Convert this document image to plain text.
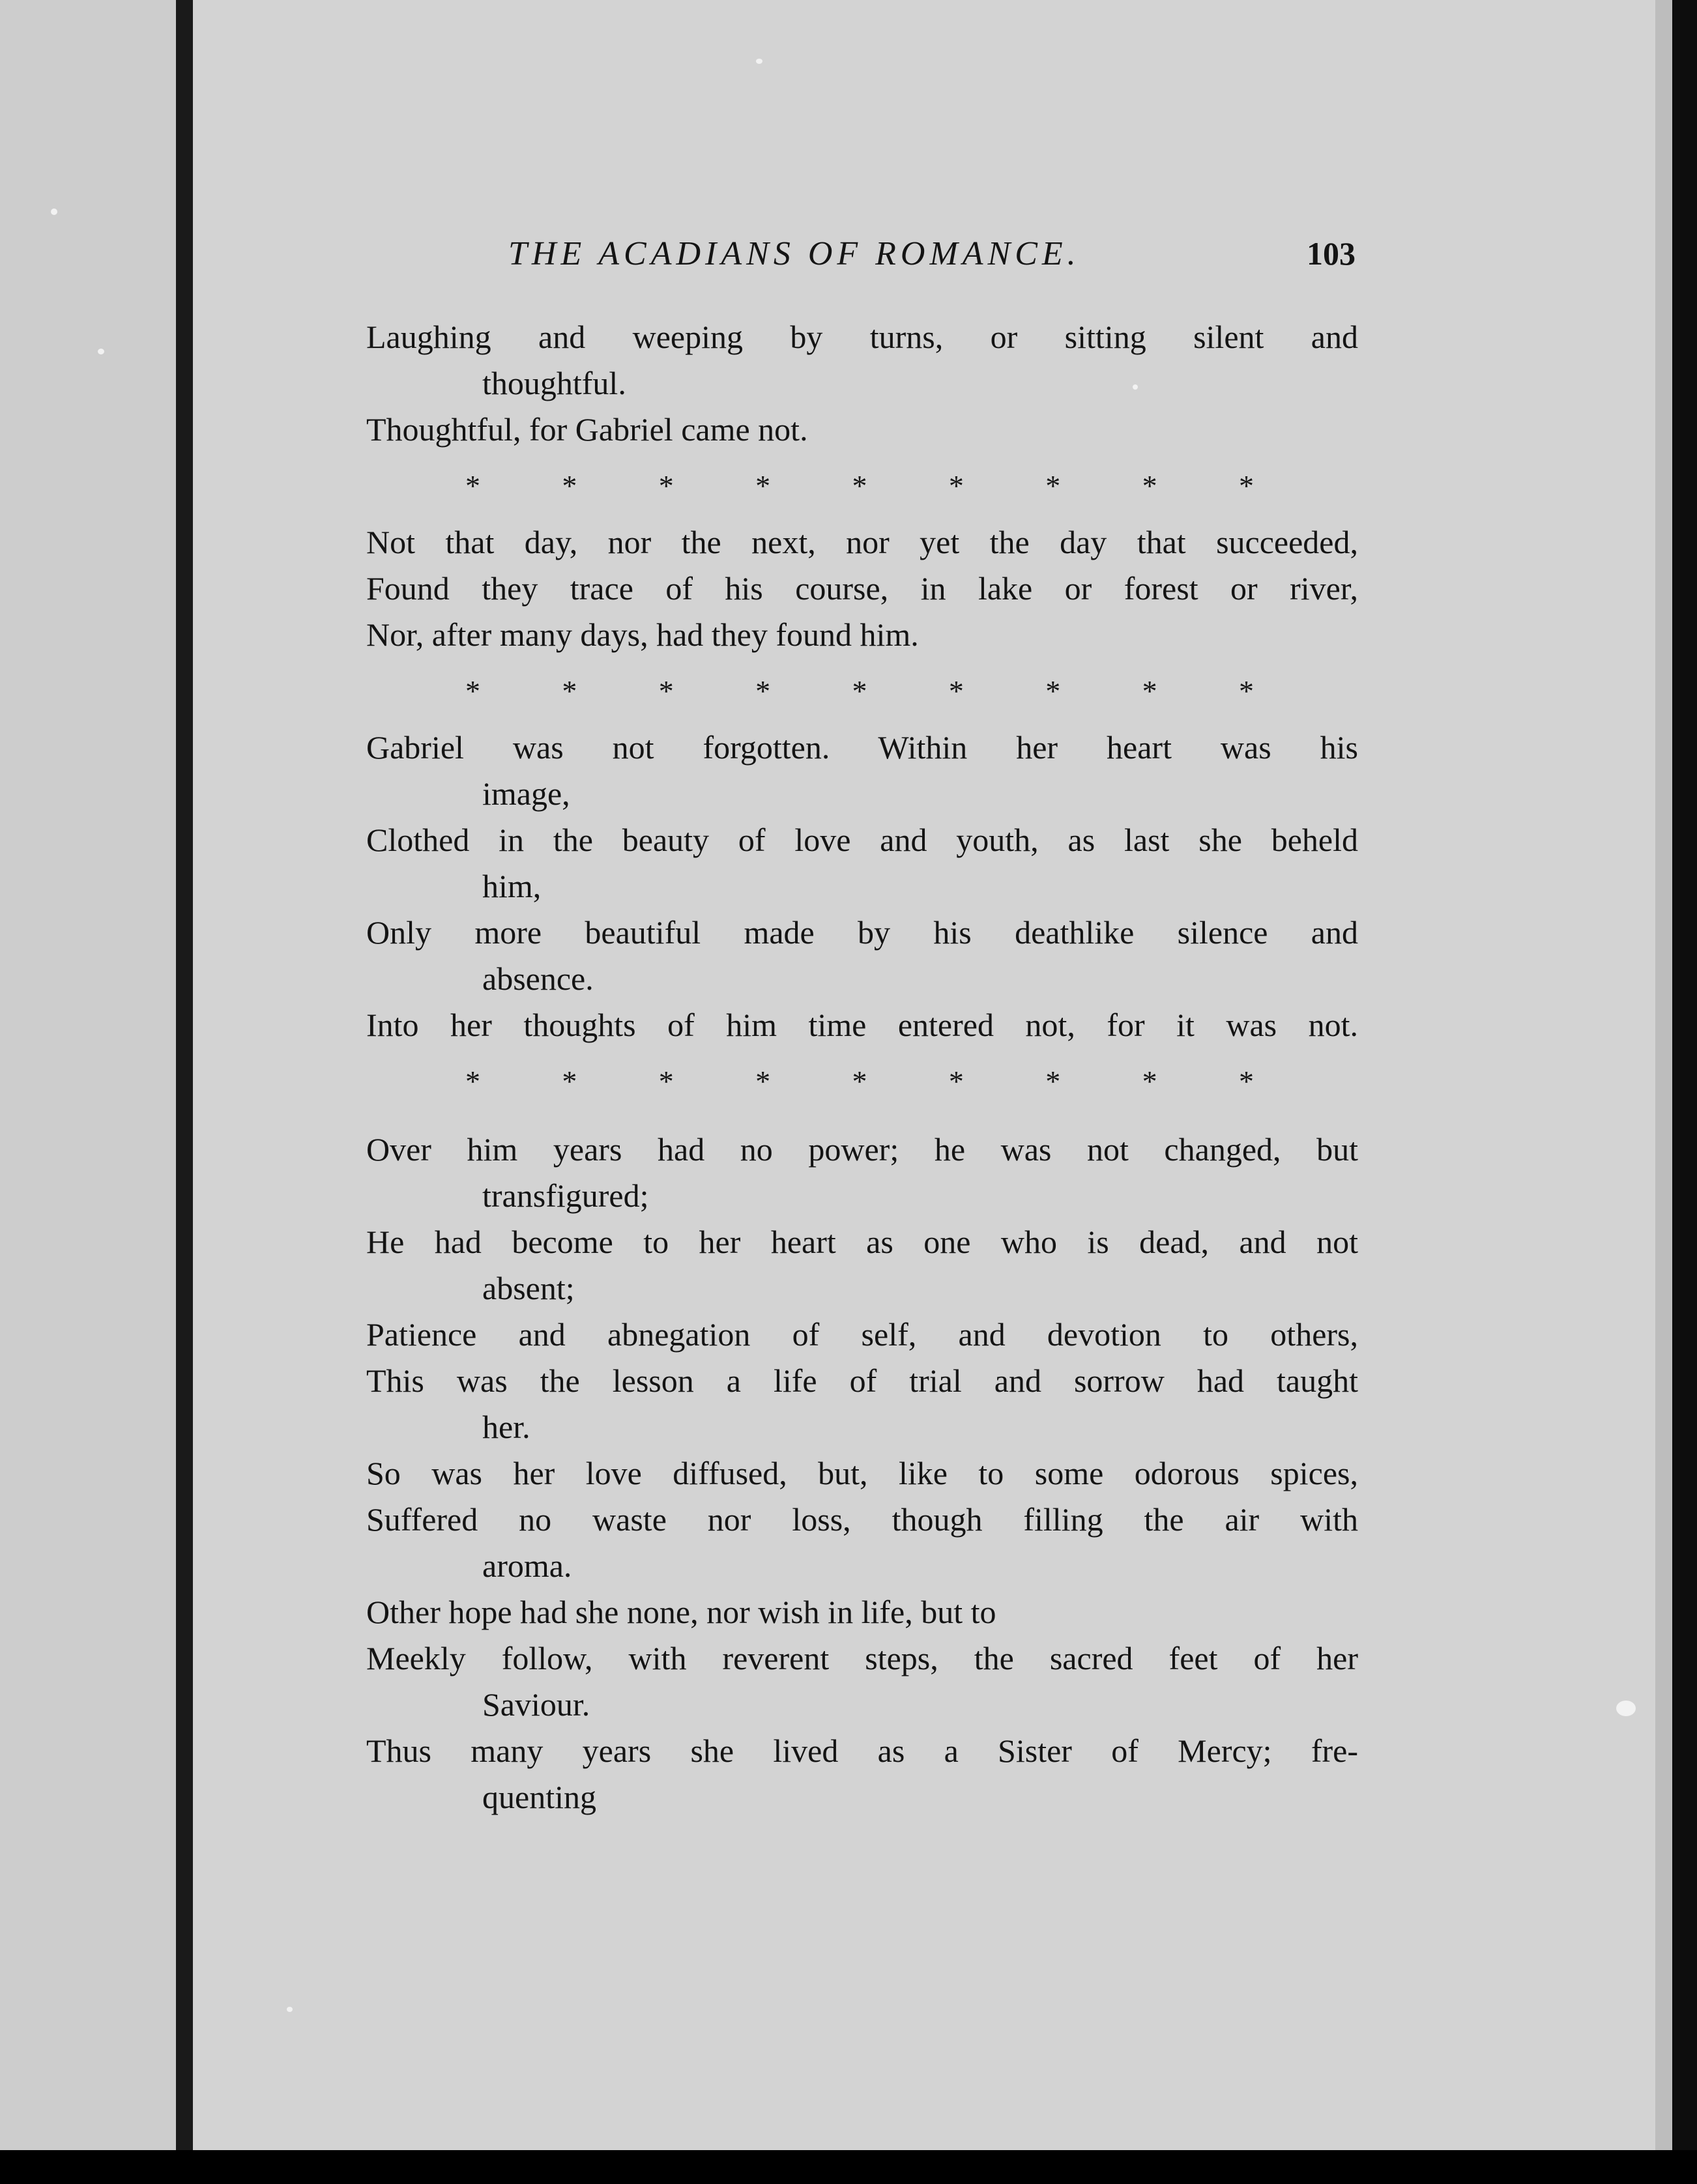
THE ACADIANS OF ROMANCE.	103
Laughing and weeping by turns, or sitting silent and
thoughtful.
Thoughtful, for Gabriel came not.
*	*	*	*	*	*	*	*	*
Not that day, nor the next, nor yet the day that succeeded,
Found they trace of his course, in lake or forest or river,
Nor, after many days, had they found him.
*	*	*	*	*	*	*	*	*
Gabriel was not forgotten. Within her heart was his
image,
Clothed in the beauty of love and youth, as last she beheld
him,
Only more beautiful made by his deathlike silence and
absence.
Into her thoughts of him time entered not, for it was not.
*	*	*	*	*	*	*	*	*
Over him years had no power; he was not changed, but
transfigured;
He had become to her heart as one who is dead, and not
absent;
Patience and abnegation of self, and devotion to others,
This was the lesson a life of trial and sorrow had taught
her.
So was her love diffused, but, like to some odorous spices,
Suffered no waste nor loss, though filling the air with
aroma.
Other hope had she none, nor wish in life, but to
Meekly follow, with reverent steps, the sacred feet of her
Saviour.
Thus many years she lived as a Sister of Mercy; fre-
quenting
